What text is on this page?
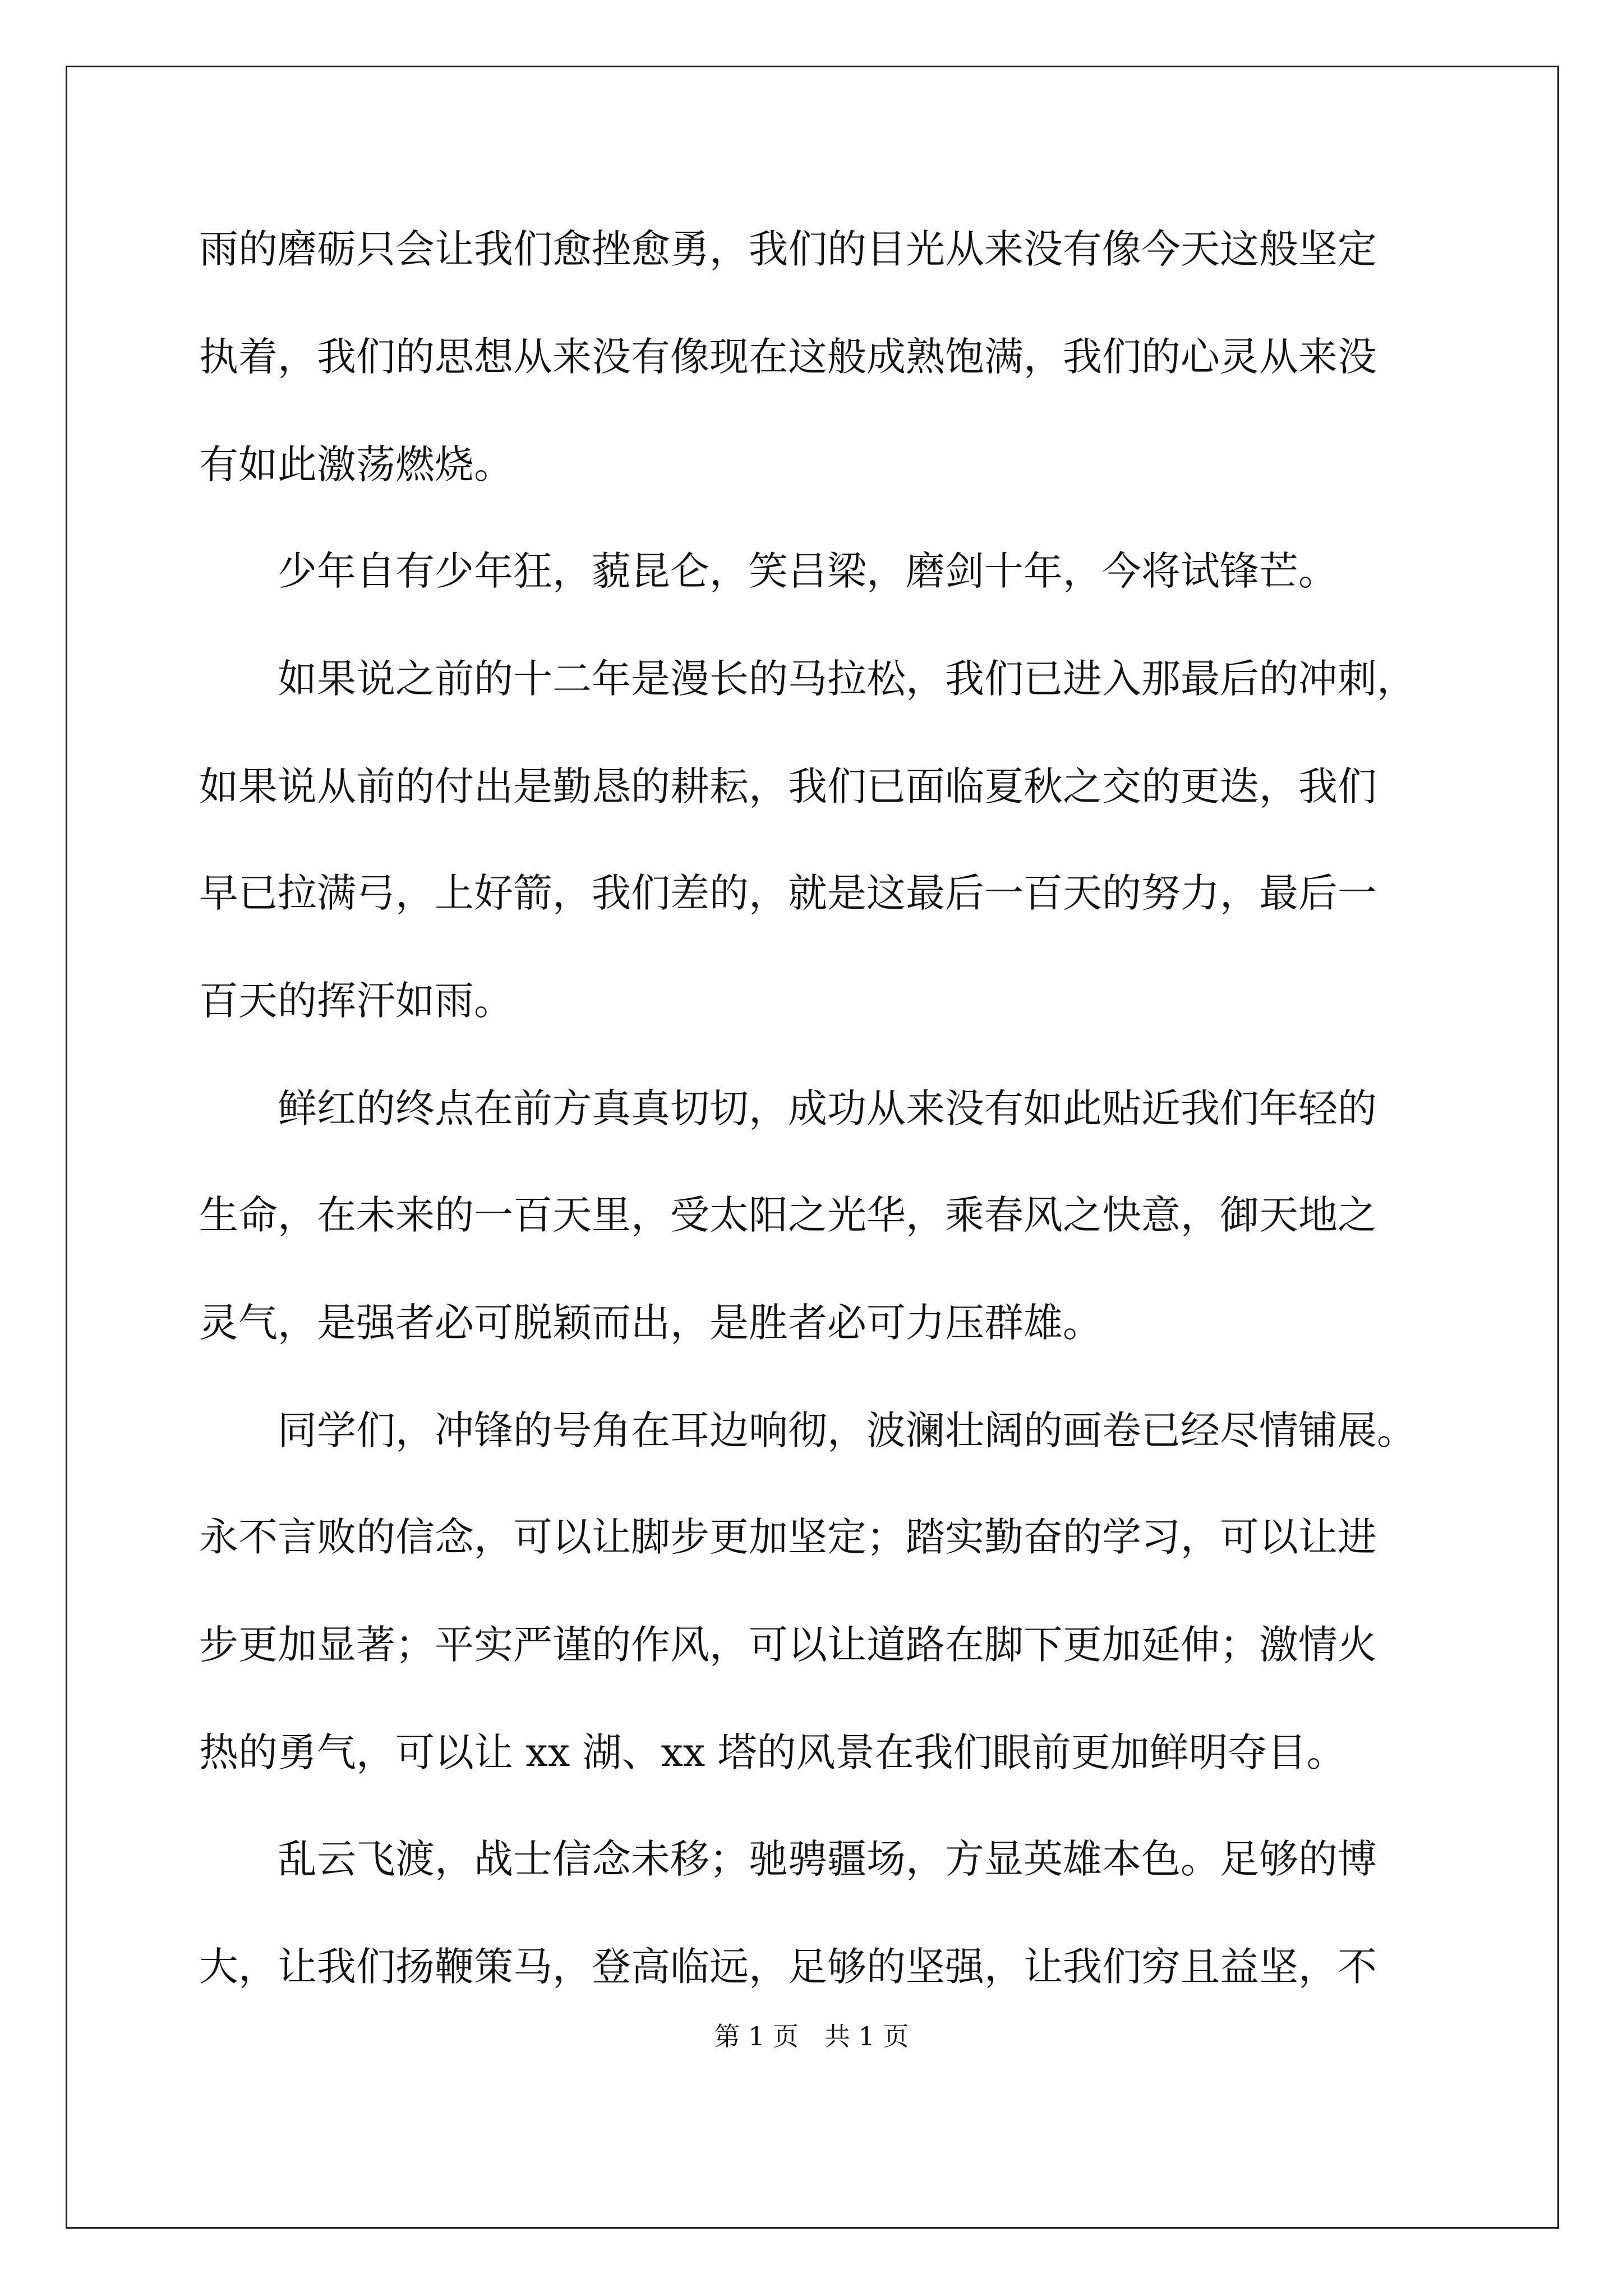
雨的磨砺只会让我们愈挫愈勇，我们的目光从来没有像今天这般坚定
执着，我们的思想从来没有像现在这般成熟饱满，我们的心灵从来没
有如此激荡燃烧。
　　少年自有少年狂，藐昆仑，笑吕梁，磨剑十年，今将试锋芒。
　　如果说之前的十二年是漫长的马拉松，我们已进入那最后的冲刺，
如果说从前的付出是勤恳的耕耘，我们已面临夏秋之交的更迭，我们
早已拉满弓，上好箭，我们差的，就是这最后一百天的努力，最后一
百天的挥汗如雨。
　　鲜红的终点在前方真真切切，成功从来没有如此贴近我们年轻的
生命，在未来的一百天里，受太阳之光华，乘春风之快意，御天地之
灵气，是强者必可脱颖而出，是胜者必可力压群雄。
　　同学们，冲锋的号角在耳边响彻，波澜壮阔的画卷已经尽情铺展。
永不言败的信念，可以让脚步更加坚定；踏实勤奋的学习，可以让进
步更加显著；平实严谨的作风，可以让道路在脚下更加延伸；激情火
热的勇气，可以让 xx 湖、xx 塔的风景在我们眼前更加鲜明夺目。
　　乱云飞渡，战士信念未移；驰骋疆场，方显英雄本色。足够的博
大，让我们扬鞭策马，登高临远，足够的坚强，让我们穷且益坚，不
第 1 页　共 1 页
